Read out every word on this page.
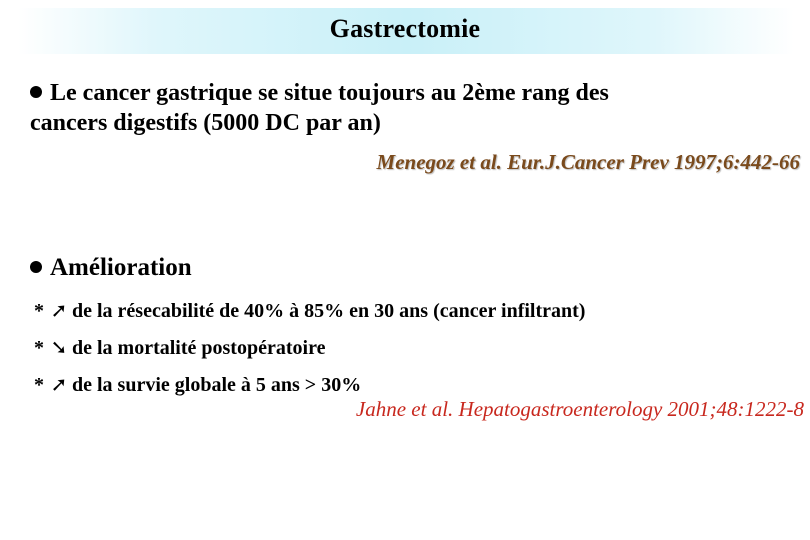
Gastrectomie
Le cancer gastrique se situe toujours au 2ème rang des
cancers digestifs (5000 DC par an)
Menegoz et al. Eur.J.Cancer Prev 1997;6:442-66
Amélioration
* ➚ de la résecabilité de 40% à 85% en 30 ans (cancer infiltrant)
* ➘ de la mortalité postopératoire
* ➚ de la survie globale à 5 ans > 30%
Jahne et al. Hepatogastroenterology 2001;48:1222-8
